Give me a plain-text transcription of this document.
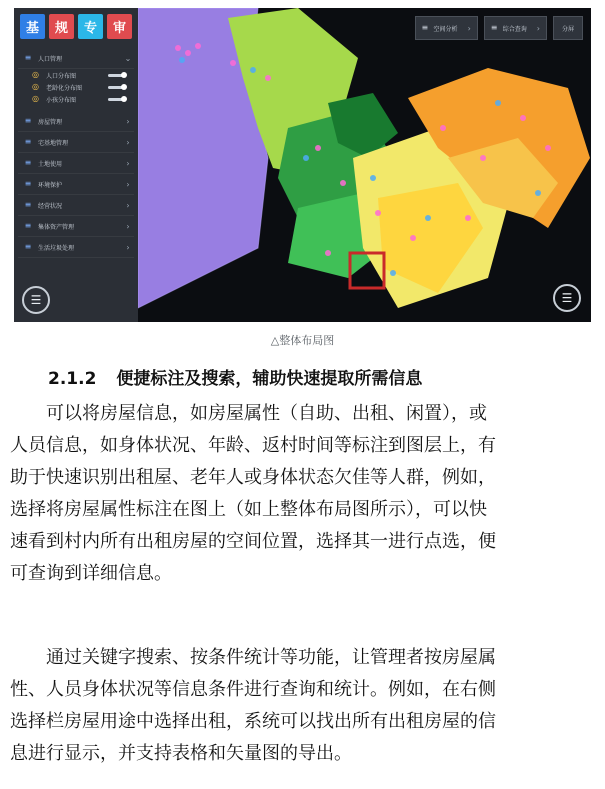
基	规	专	审
≡ 人口管理	⌄
◎	人口分布图
◎	老龄化分布图
◎	小孩分布图
≡ 房屋管理	›
≡ 宅基地管理	›
≡ 土地使用	›
≡ 环境保护	›
≡ 经营状况	›
≡ 集体资产管理	›
≡ 生活垃圾处理	›
☰
≡ 空间分析 ›	≡ 综合查询 ›	分屏
☰
△整体布局图
2.1.2 便捷标注及搜索，辅助快速提取所需信息
可以将房屋信息，如房屋属性（自助、出租、闲置），或
人员信息，如身体状况、年龄、返村时间等标注到图层上，有
助于快速识别出租屋、老年人或身体状态欠佳等人群，例如，
选择将房屋属性标注在图上（如上整体布局图所示），可以快
速看到村内所有出租房屋的空间位置，选择其一进行点选，便
可查询到详细信息。
通过关键字搜索、按条件统计等功能，让管理者按房屋属
性、人员身体状况等信息条件进行查询和统计。例如，在右侧
选择栏房屋用途中选择出租，系统可以找出所有出租房屋的信
息进行显示，并支持表格和矢量图的导出。
